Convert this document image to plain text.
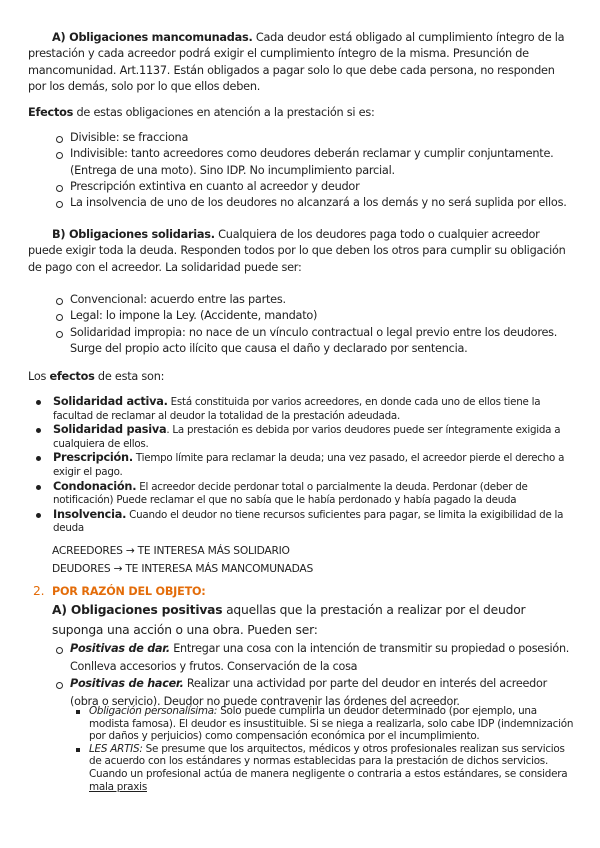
A) Obligaciones mancomunadas. Cada deudor está obligado al cumplimiento íntegro de la prestación y cada acreedor podrá exigir el cumplimiento íntegro de la misma. Presunción de mancomunidad. Art.1137. Están obligados a pagar solo lo que debe cada persona, no responden por los demás, solo por lo que ellos deben.

Efectos de estas obligaciones en atención a la prestación si es:

Divisible: se fracciona
Indivisible: tanto acreedores como deudores deberán reclamar y cumplir conjuntamente. (Entrega de una moto). Sino IDP. No incumplimiento parcial.
Prescripción extintiva en cuanto al acreedor y deudor
La insolvencia de uno de los deudores no alcanzará a los demás y no será suplida por ellos.

B) Obligaciones solidarias. Cualquiera de los deudores paga todo o cualquier acreedor puede exigir toda la deuda. Responden todos por lo que deben los otros para cumplir su obligación de pago con el acreedor. La solidaridad puede ser:

Convencional: acuerdo entre las partes.
Legal: lo impone la Ley. (Accidente, mandato)
Solidaridad impropia: no nace de un vínculo contractual o legal previo entre los deudores. Surge del propio acto ilícito que causa el daño y declarado por sentencia.

Los efectos de esta son:

Solidaridad activa. Está constituida por varios acreedores, en donde cada uno de ellos tiene la facultad de reclamar al deudor la totalidad de la prestación adeudada.
Solidaridad pasiva. La prestación es debida por varios deudores puede ser íntegramente exigida a cualquiera de ellos.
Prescripción. Tiempo límite para reclamar la deuda; una vez pasado, el acreedor pierde el derecho a exigir el pago.
Condonación. El acreedor decide perdonar total o parcialmente la deuda. Perdonar (deber de notificación) Puede reclamar el que no sabía que le había perdonado y había pagado la deuda
Insolvencia. Cuando el deudor no tiene recursos suficientes para pagar, se limita la exigibilidad de la deuda

ACREEDORES → TE INTERESA MÁS SOLIDARIO

DEUDORES → TE INTERESA MÁS MANCOMUNADAS

2. POR RAZÓN DEL OBJETO:

A) Obligaciones positivas aquellas que la prestación a realizar por el deudor suponga una acción o una obra. Pueden ser:

Positivas de dar. Entregar una cosa con la intención de transmitir su propiedad o posesión. Conlleva accesorios y frutos. Conservación de la cosa
Positivas de hacer. Realizar una actividad por parte del deudor en interés del acreedor (obra o servicio). Deudor no puede contravenir las órdenes del acreedor.
Obligación personalísima: Solo puede cumplirla un deudor determinado (por ejemplo, una modista famosa). El deudor es insustituible. Si se niega a realizarla, solo cabe IDP (indemnización por daños y perjuicios) como compensación económica por el incumplimiento.
LES ARTIS: Se presume que los arquitectos, médicos y otros profesionales realizan sus servicios de acuerdo con los estándares y normas establecidas para la prestación de dichos servicios. Cuando un profesional actúa de manera negligente o contraria a estos estándares, se considera mala praxis
